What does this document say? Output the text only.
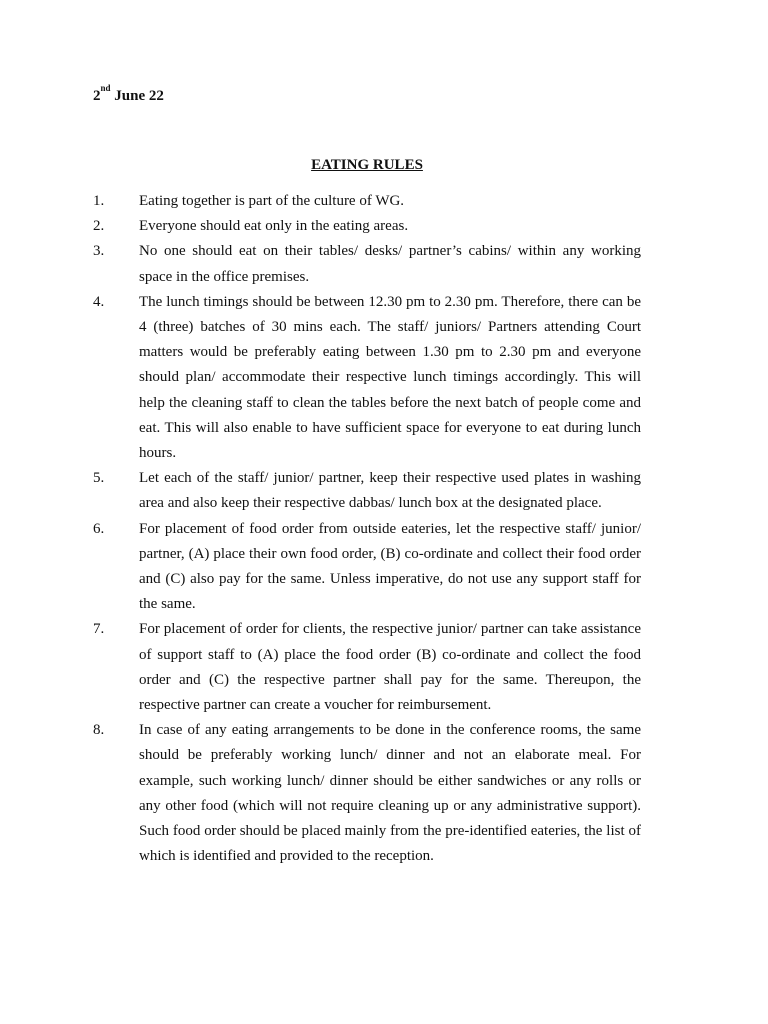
2nd June 22
EATING RULES
1.	Eating together is part of the culture of WG.
2.	Everyone should eat only in the eating areas.
3.	No one should eat on their tables/ desks/ partner’s cabins/ within any working space in the office premises.
4.	The lunch timings should be between 12.30 pm to 2.30 pm. Therefore, there can be 4 (three) batches of 30 mins each. The staff/ juniors/ Partners attending Court matters would be preferably eating between 1.30 pm to 2.30 pm and everyone should plan/ accommodate their respective lunch timings accordingly. This will help the cleaning staff to clean the tables before the next batch of people come and eat. This will also enable to have sufficient space for everyone to eat during lunch hours.
5.	Let each of the staff/ junior/ partner, keep their respective used plates in washing area and also keep their respective dabbas/ lunch box at the designated place.
6.	For placement of food order from outside eateries, let the respective staff/ junior/ partner, (A) place their own food order, (B) co-ordinate and collect their food order and (C) also pay for the same. Unless imperative, do not use any support staff for the same.
7.	For placement of order for clients, the respective junior/ partner can take assistance of support staff to (A) place the food order (B) co-ordinate and collect the food order and (C) the respective partner shall pay for the same. Thereupon, the respective partner can create a voucher for reimbursement.
8.	In case of any eating arrangements to be done in the conference rooms, the same should be preferably working lunch/ dinner and not an elaborate meal. For example, such working lunch/ dinner should be either sandwiches or any rolls or any other food (which will not require cleaning up or any administrative support). Such food order should be placed mainly from the pre-identified eateries, the list of which is identified and provided to the reception.
